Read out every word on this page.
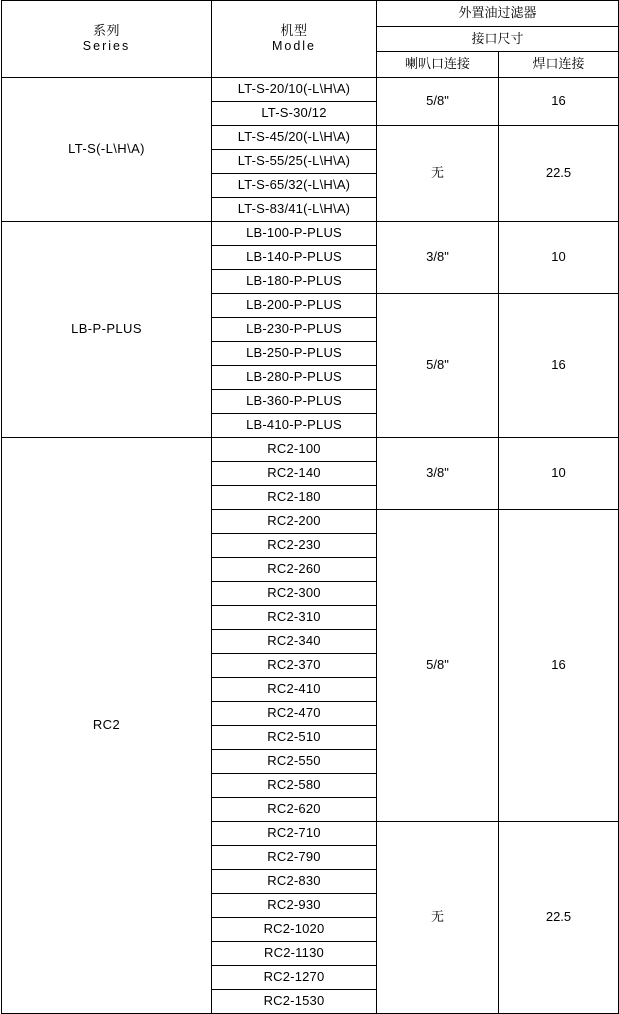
系列
Series	机型
Modle	外置油过滤器	
		接口尺寸	
		喇叭口连接	焊口连接
LT-S(-L\H\A)	LT-S-20/10(-L\H\A)	5/8"	16
	LT-S-30/12		
	LT-S-45/20(-L\H\A)	无	22.5
	LT-S-55/25(-L\H\A)		
	LT-S-65/32(-L\H\A)		
	LT-S-83/41(-L\H\A)		
LB-P-PLUS	LB-100-P-PLUS	3/8"	10
	LB-140-P-PLUS		
	LB-180-P-PLUS		
	LB-200-P-PLUS	5/8"	16
	LB-230-P-PLUS		
	LB-250-P-PLUS		
	LB-280-P-PLUS		
	LB-360-P-PLUS		
	LB-410-P-PLUS		
RC2	RC2-100	3/8"	10
	RC2-140		
	RC2-180		
	RC2-200	5/8"	16
	RC2-230		
	RC2-260		
	RC2-300		
	RC2-310		
	RC2-340		
	RC2-370		
	RC2-410		
	RC2-470		
	RC2-510		
	RC2-550		
	RC2-580		
	RC2-620		
	RC2-710	无	22.5
	RC2-790		
	RC2-830		
	RC2-930		
	RC2-1020		
	RC2-1130		
	RC2-1270		
	RC2-1530		
